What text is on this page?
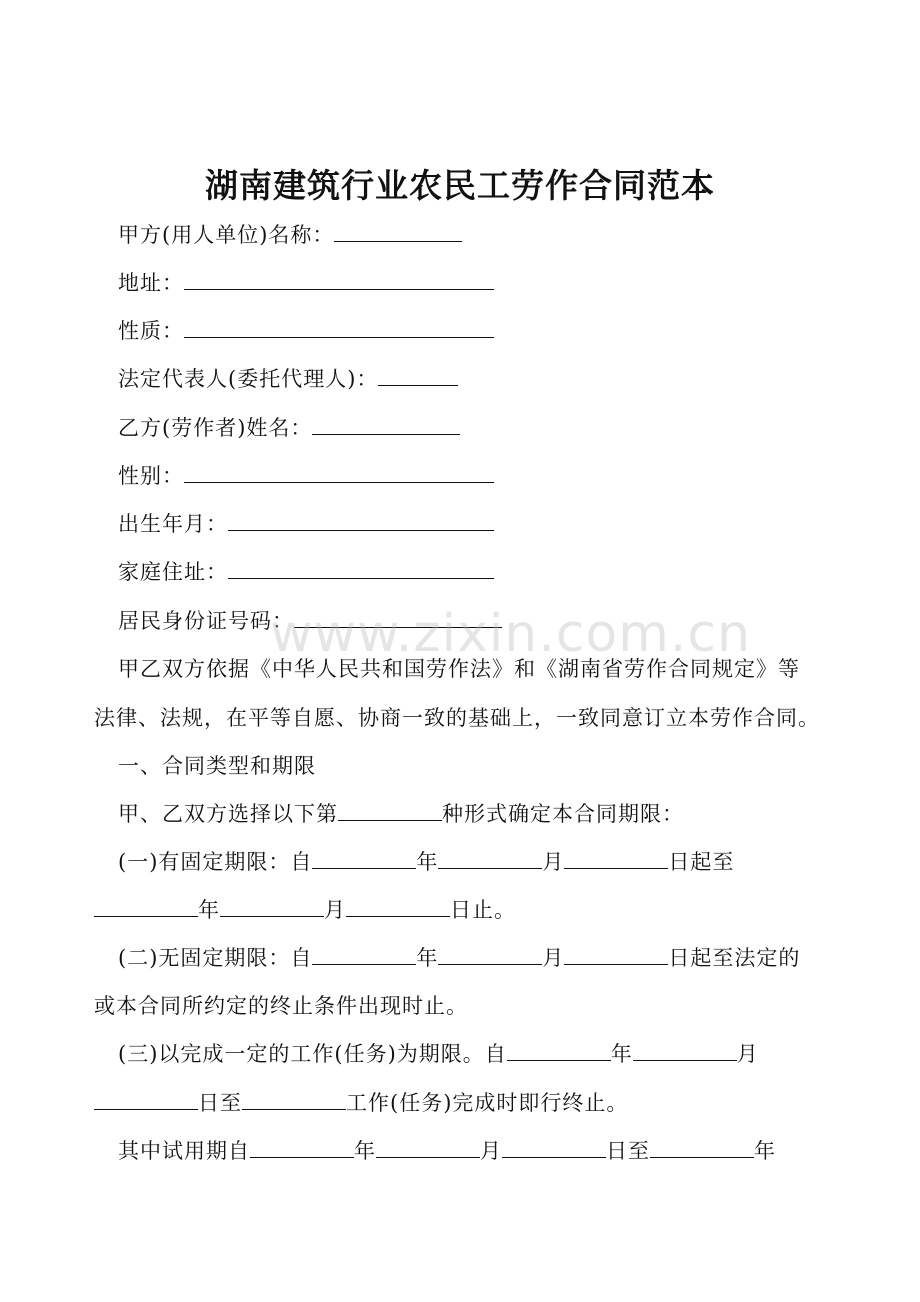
湖南建筑行业农民工劳作合同范本
甲方(用人单位)名称：
地址：
性质：
法定代表人(委托代理人)：
乙方(劳作者)姓名：
性别：
出生年月：
家庭住址：
居民身份证号码：
甲乙双方依据《中华人民共和国劳作法》和《湖南省劳作合同规定》等
法律、法规，在平等自愿、协商一致的基础上，一致同意订立本劳作合同。
一、合同类型和期限
甲、乙双方选择以下第	种形式确定本合同期限：
(一)有固定期限：自	年	月	日起至
年	月	日止。
(二)无固定期限：自	年	月	日起至法定的
或本合同所约定的终止条件出现时止。
(三)以完成一定的工作(任务)为期限。自	年	月
日至	工作(任务)完成时即行终止。
其中试用期自	年	月	日至	年
www.zixin.com.cn
